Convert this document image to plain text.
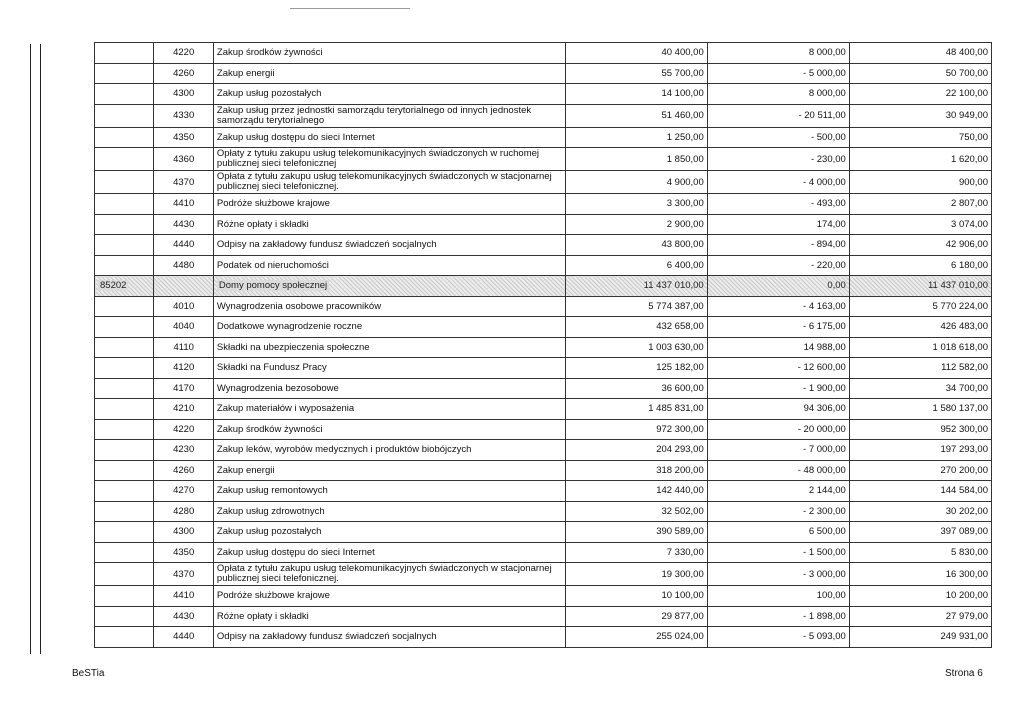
	4220	Zakup środków żywności	40 400,00	8 000,00	48 400,00
	4260	Zakup energii	55 700,00	- 5 000,00	50 700,00
	4300	Zakup usług pozostałych	14 100,00	8 000,00	22 100,00
	4330	Zakup usług przez jednostki samorządu terytorialnego od innych jednostek samorządu terytorialnego	51 460,00	- 20 511,00	30 949,00
	4350	Zakup usług dostępu do sieci Internet	1 250,00	- 500,00	750,00
	4360	Opłaty z tytułu zakupu usług telekomunikacyjnych świadczonych w ruchomej publicznej sieci telefonicznej	1 850,00	- 230,00	1 620,00
	4370	Opłata z tytułu zakupu usług telekomunikacyjnych świadczonych w stacjonarnej publicznej sieci telefonicznej.	4 900,00	- 4 000,00	900,00
	4410	Podróże służbowe krajowe	3 300,00	- 493,00	2 807,00
	4430	Różne opłaty i składki	2 900,00	174,00	3 074,00
	4440	Odpisy na zakładowy fundusz świadczeń socjalnych	43 800,00	- 894,00	42 906,00
	4480	Podatek od nieruchomości	6 400,00	- 220,00	6 180,00
85202		Domy pomocy społecznej	11 437 010,00	0,00	11 437 010,00
	4010	Wynagrodzenia osobowe pracowników	5 774 387,00	- 4 163,00	5 770 224,00
	4040	Dodatkowe wynagrodzenie roczne	432 658,00	- 6 175,00	426 483,00
	4110	Składki na ubezpieczenia społeczne	1 003 630,00	14 988,00	1 018 618,00
	4120	Składki na Fundusz Pracy	125 182,00	- 12 600,00	112 582,00
	4170	Wynagrodzenia bezosobowe	36 600,00	- 1 900,00	34 700,00
	4210	Zakup materiałów i wyposażenia	1 485 831,00	94 306,00	1 580 137,00
	4220	Zakup środków żywności	972 300,00	- 20 000,00	952 300,00
	4230	Zakup leków, wyrobów medycznych i produktów biobójczych	204 293,00	- 7 000,00	197 293,00
	4260	Zakup energii	318 200,00	- 48 000,00	270 200,00
	4270	Zakup usług remontowych	142 440,00	2 144,00	144 584,00
	4280	Zakup usług zdrowotnych	32 502,00	- 2 300,00	30 202,00
	4300	Zakup usług pozostałych	390 589,00	6 500,00	397 089,00
	4350	Zakup usług dostępu do sieci Internet	7 330,00	- 1 500,00	5 830,00
	4370	Opłata z tytułu zakupu usług telekomunikacyjnych świadczonych w stacjonarnej publicznej sieci telefonicznej.	19 300,00	- 3 000,00	16 300,00
	4410	Podróże służbowe krajowe	10 100,00	100,00	10 200,00
	4430	Różne opłaty i składki	29 877,00	- 1 898,00	27 979,00
	4440	Odpisy na zakładowy fundusz świadczeń socjalnych	255 024,00	- 5 093,00	249 931,00
BeSTia	Strona 6
